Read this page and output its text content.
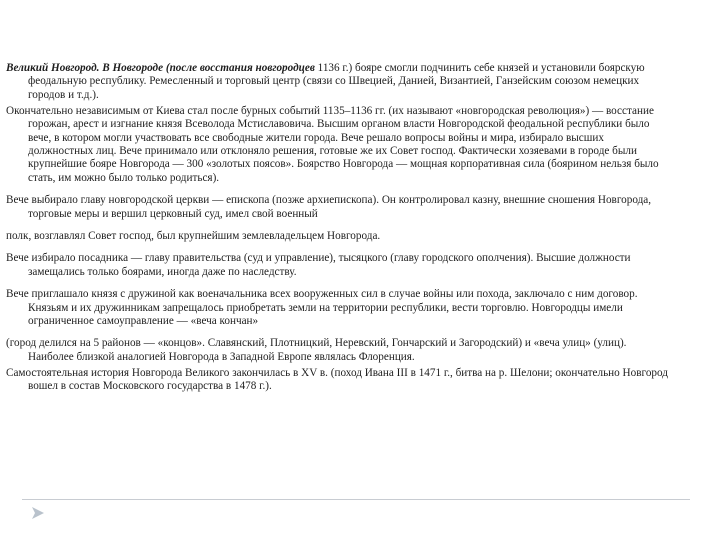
Великий Новгород. В Новгороде (после восстания новгородцев 1136 г.) бояре смогли подчинить себе князей и установили боярскую феодальную республику. Ремесленный и торговый центр (связи со Швецией, Данией, Византией, Ганзейским союзом немецких городов и т.д.).

Окончательно независимым от Киева стал после бурных событий 1135–1136 гг. (их называют «новгородская революция») — восстание горожан, арест и изгнание князя Всеволода Мстиславовича. Высшим органом власти Новгородской феодальной республики было вече, в котором могли участвовать все свободные жители города. Вече решало вопросы войны и мира, избирало высших должностных лиц. Вече принимало или отклоняло решения, готовые же их Совет господ. Фактически хозяевами в городе были крупнейшие бояре Новгорода — 300 «золотых поясов». Боярство Новгорода — мощная корпоративная сила (боярином нельзя было стать, им можно было только родиться).

Вече выбирало главу новгородской церкви — епископа (позже архиепископа). Он контролировал казну, внешние сношения Новгорода, торговые меры и вершил церковный суд, имел свой военный

полк, возглавлял Совет господ, был крупнейшим землевладельцем Новгорода.

Вече избирало посадника — главу правительства (суд и управление), тысяцкого (главу городского ополчения). Высшие должности замещались только боярами, иногда даже по наследству.

Вече приглашало князя с дружиной как военачальника всех вооруженных сил в случае войны или похода, заключало с ним договор. Князьям и их дружинникам запрещалось приобретать земли на территории республики, вести торговлю. Новгородцы имели ограниченное самоуправление — «веча кончан»

(город делился на 5 районов — «концов». Славянский, Плотницкий, Неревский, Гончарский и Загородский) и «веча улиц» (улиц). Наиболее близкой аналогией Новгорода в Западной Европе являлась Флоренция.

Самостоятельная история Новгорода Великого закончилась в XV в. (поход Ивана III в 1471 г., битва на р. Шелони; окончательно Новгород вошел в состав Московского государства в 1478 г.).
